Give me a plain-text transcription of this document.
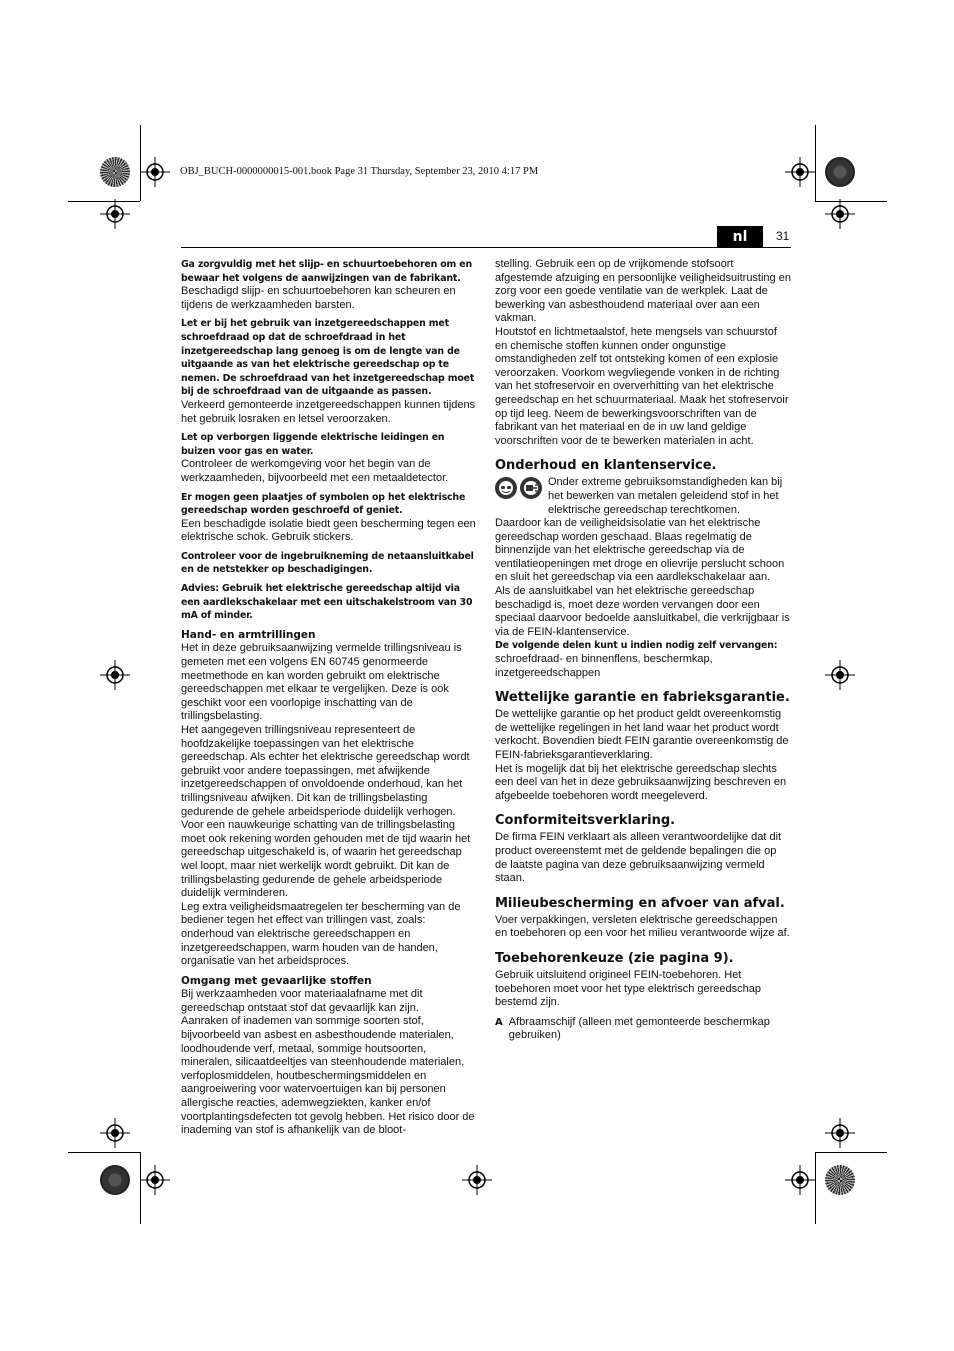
OBJ_BUCH-0000000015-001.book Page 31 Thursday, September 23, 2010 4:17 PM
nl	31

Ga zorgvuldig met het slijp- en schuurtoebehoren om en bewaar het volgens de aanwijzingen van de fabrikant.

Beschadigd slijp- en schuurtoebehoren kan scheuren en tijdens de werkzaamheden barsten.

Let er bij het gebruik van inzetgereedschappen met schroefdraad op dat de schroefdraad in het inzetgereedschap lang genoeg is om de lengte van de uitgaande as van het elektrische gereedschap op te nemen. De schroefdraad van het inzetgereedschap moet bij de schroefdraad van de uitgaande as passen.

Verkeerd gemonteerde inzetgereedschappen kunnen tijdens het gebruik losraken en letsel veroorzaken.

Let op verborgen liggende elektrische leidingen en buizen voor gas en water.

Controleer de werkomgeving voor het begin van de werkzaamheden, bijvoorbeeld met een metaaldetector.

Er mogen geen plaatjes of symbolen op het elektrische gereedschap worden geschroefd of geniet.

Een beschadigde isolatie biedt geen bescherming tegen een elektrische schok. Gebruik stickers.

Controleer voor de ingebruikneming de netaansluitkabel en de netstekker op beschadigingen.

Advies: Gebruik het elektrische gereedschap altijd via een aardlekschakelaar met een uitschakelstroom van 30 mA of minder.

Hand- en armtrillingen

Het in deze gebruiksaanwijzing vermelde trillingsniveau is gemeten met een volgens EN 60745 genormeerde meetmethode en kan worden gebruikt om elektrische gereedschappen met elkaar te vergelijken. Deze is ook geschikt voor een voorlopige inschatting van de trillingsbelasting.

Het aangegeven trillingsniveau representeert de hoofdzakelijke toepassingen van het elektrische gereedschap. Als echter het elektrische gereedschap wordt gebruikt voor andere toepassingen, met afwijkende inzetgereedschappen of onvoldoende onderhoud, kan het trillingsniveau afwijken. Dit kan de trillingsbelasting gedurende de gehele arbeidsperiode duidelijk verhogen.

Voor een nauwkeurige schatting van de trillingsbelasting moet ook rekening worden gehouden met de tijd waarin het gereedschap uitgeschakeld is, of waarin het gereedschap wel loopt, maar niet werkelijk wordt gebruikt. Dit kan de trillingsbelasting gedurende de gehele arbeidsperiode duidelijk verminderen.

Leg extra veiligheidsmaatregelen ter bescherming van de bediener tegen het effect van trillingen vast, zoals: onderhoud van elektrische gereedschappen en inzetgereedschappen, warm houden van de handen, organisatie van het arbeidsproces.

Omgang met gevaarlijke stoffen

Bij werkzaamheden voor materiaalafname met dit gereedschap ontstaat stof dat gevaarlijk kan zijn.

Aanraken of inademen van sommige soorten stof, bijvoorbeeld van asbest en asbesthoudende materialen, loodhoudende verf, metaal, sommige houtsoorten, mineralen, silicaatdeeltjes van steenhoudende materialen, verfoplosmiddelen, houtbeschermingsmiddelen en aangroeiwering voor watervoertuigen kan bij personen allergische reacties, ademwegziekten, kanker en/of voortplantingsdefecten tot gevolg hebben. Het risico door de inademing van stof is afhankelijk van de bloot-

stelling. Gebruik een op de vrijkomende stofsoort afgestemde afzuiging en persoonlijke veiligheidsuitrusting en zorg voor een goede ventilatie van de werkplek. Laat de bewerking van asbesthoudend materiaal over aan een vakman.

Houtstof en lichtmetaalstof, hete mengsels van schuurstof en chemische stoffen kunnen onder ongunstige omstandigheden zelf tot ontsteking komen of een explosie veroorzaken. Voorkom wegvliegende vonken in de richting van het stofreservoir en oververhitting van het elektrische gereedschap en het schuurmateriaal. Maak het stofreservoir op tijd leeg. Neem de bewerkingsvoorschriften van de fabrikant van het materiaal en de in uw land geldige voorschriften voor de te bewerken materialen in acht.

Onderhoud en klantenservice.

Onder extreme gebruiksomstandigheden kan bij het bewerken van metalen geleidend stof in het elektrische gereedschap terechtkomen.

Daardoor kan de veiligheidsisolatie van het elektrische gereedschap worden geschaad. Blaas regelmatig de binnenzijde van het elektrische gereedschap via de ventilatieopeningen met droge en olievrije perslucht schoon en sluit het gereedschap via een aardlekschakelaar aan.

Als de aansluitkabel van het elektrische gereedschap beschadigd is, moet deze worden vervangen door een speciaal daarvoor bedoelde aansluitkabel, die verkrijgbaar is via de FEIN-klantenservice.

De volgende delen kunt u indien nodig zelf vervangen:

schroefdraad- en binnenflens, beschermkap, inzetgereedschappen

Wettelijke garantie en fabrieksgarantie.

De wettelijke garantie op het product geldt overeenkomstig de wettelijke regelingen in het land waar het product wordt verkocht. Bovendien biedt FEIN garantie overeenkomstig de FEIN-fabrieksgarantieverklaring.

Het is mogelijk dat bij het elektrische gereedschap slechts een deel van het in deze gebruiksaanwijzing beschreven en afgebeelde toebehoren wordt meegeleverd.

Conformiteitsverklaring.

De firma FEIN verklaart als alleen verantwoordelijke dat dit product overeenstemt met de geldende bepalingen die op de laatste pagina van deze gebruiksaanwijzing vermeld staan.

Milieubescherming en afvoer van afval.

Voer verpakkingen, versleten elektrische gereedschappen en toebehoren op een voor het milieu verantwoorde wijze af.

Toebehorenkeuze (zie pagina 9).

Gebruik uitsluitend origineel FEIN-toebehoren. Het toebehoren moet voor het type elektrisch gereedschap bestemd zijn.

A Afbraamschijf (alleen met gemonteerde beschermkap gebruiken)
